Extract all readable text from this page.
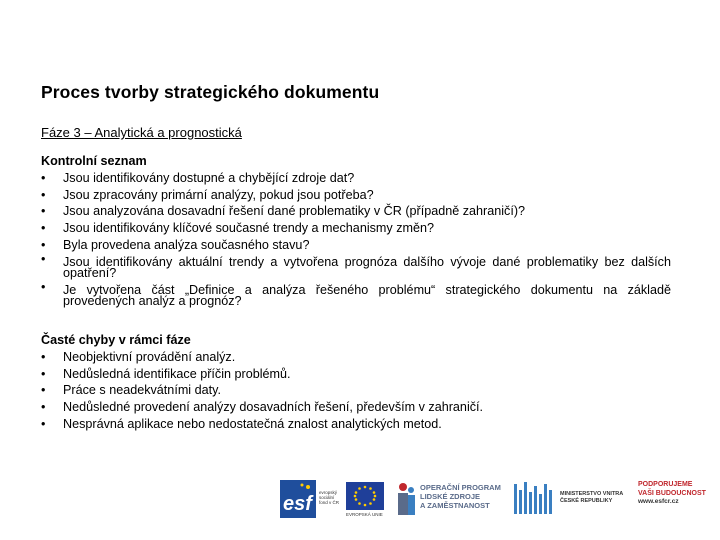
Proces tvorby strategického dokumentu
Fáze 3 – Analytická a prognostická
Kontrolní seznam
• Jsou identifikovány dostupné a chybějící zdroje dat?
• Jsou zpracovány primární analýzy, pokud jsou potřeba?
• Jsou analyzována dosavadní řešení dané problematiky v ČR (případně zahraničí)?
• Jsou identifikovány klíčové současné trendy a mechanismy změn?
• Byla provedena analýza současného stavu?
• Jsou identifikovány aktuální trendy a vytvořena prognóza dalšího vývoje dané problematiky bez dalších opatření?
• Je vytvořena část „Definice a analýza řešeného problému“ strategického dokumentu na základě provedených analýz a prognóz?
Časté chyby v rámci fáze
• Neobjektivní provádění analýz.
• Nedůsledná identifikace příčin problémů.
• Práce s neadekvátními daty.
• Nedůsledné provedení analýzy dosavadních řešení, především v zahraničí.
• Nesprávná aplikace nebo nedostatečná znalost analytických metod.
esf
evropský sociální fond v ČR
EVROPSKÁ UNIE
OPERAČNÍ PROGRAM
LIDSKÉ ZDROJE
A ZAMĚSTNANOST
MINISTERSTVO VNITRA
ČESKÉ REPUBLIKY
PODPORUJEME
VAŠI BUDOUCNOST
www.esfcr.cz
